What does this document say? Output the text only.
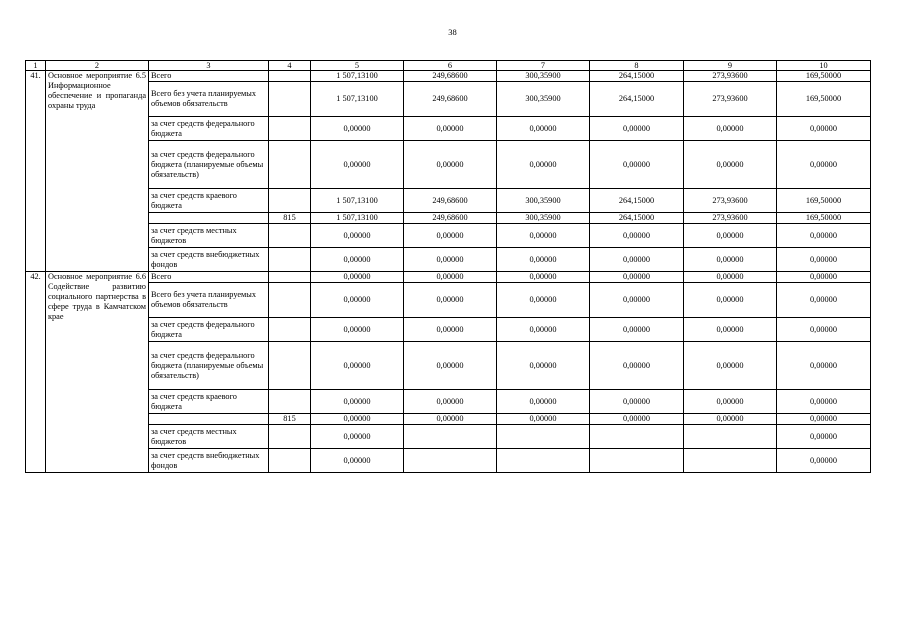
38
1	2	3	4	5	6	7	8	9	10
41.	Основное мероприятие 6.5 Информационное обеспечение и пропаганда охраны труда	Всего		1 507,13100	249,68600	300,35900	264,15000	273,93600	169,50000
		Всего без учета планируемых объемов обязательств		1 507,13100	249,68600	300,35900	264,15000	273,93600	169,50000
		за счет средств федерального бюджета		0,00000	0,00000	0,00000	0,00000	0,00000	0,00000
		за счет средств федерального бюджета (планируемые объемы обязательств)		0,00000	0,00000	0,00000	0,00000	0,00000	0,00000
		за счет средств краевого бюджета		1 507,13100	249,68600	300,35900	264,15000	273,93600	169,50000
			815	1 507,13100	249,68600	300,35900	264,15000	273,93600	169,50000
		за счет средств местных бюджетов		0,00000	0,00000	0,00000	0,00000	0,00000	0,00000
		за счет средств внебюджетных фондов		0,00000	0,00000	0,00000	0,00000	0,00000	0,00000
42.	Основное мероприятие 6.6 Содействие развитию социального партнерства в сфере труда в Камчатском крае	Всего		0,00000	0,00000	0,00000	0,00000	0,00000	0,00000
		Всего без учета планируемых объемов обязательств		0,00000	0,00000	0,00000	0,00000	0,00000	0,00000
		за счет средств федерального бюджета		0,00000	0,00000	0,00000	0,00000	0,00000	0,00000
		за счет средств федерального бюджета (планируемые объемы обязательств)		0,00000	0,00000	0,00000	0,00000	0,00000	0,00000
		за счет средств краевого бюджета		0,00000	0,00000	0,00000	0,00000	0,00000	0,00000
			815	0,00000	0,00000	0,00000	0,00000	0,00000	0,00000
		за счет средств местных бюджетов		0,00000					0,00000
		за счет средств внебюджетных фондов		0,00000					0,00000
